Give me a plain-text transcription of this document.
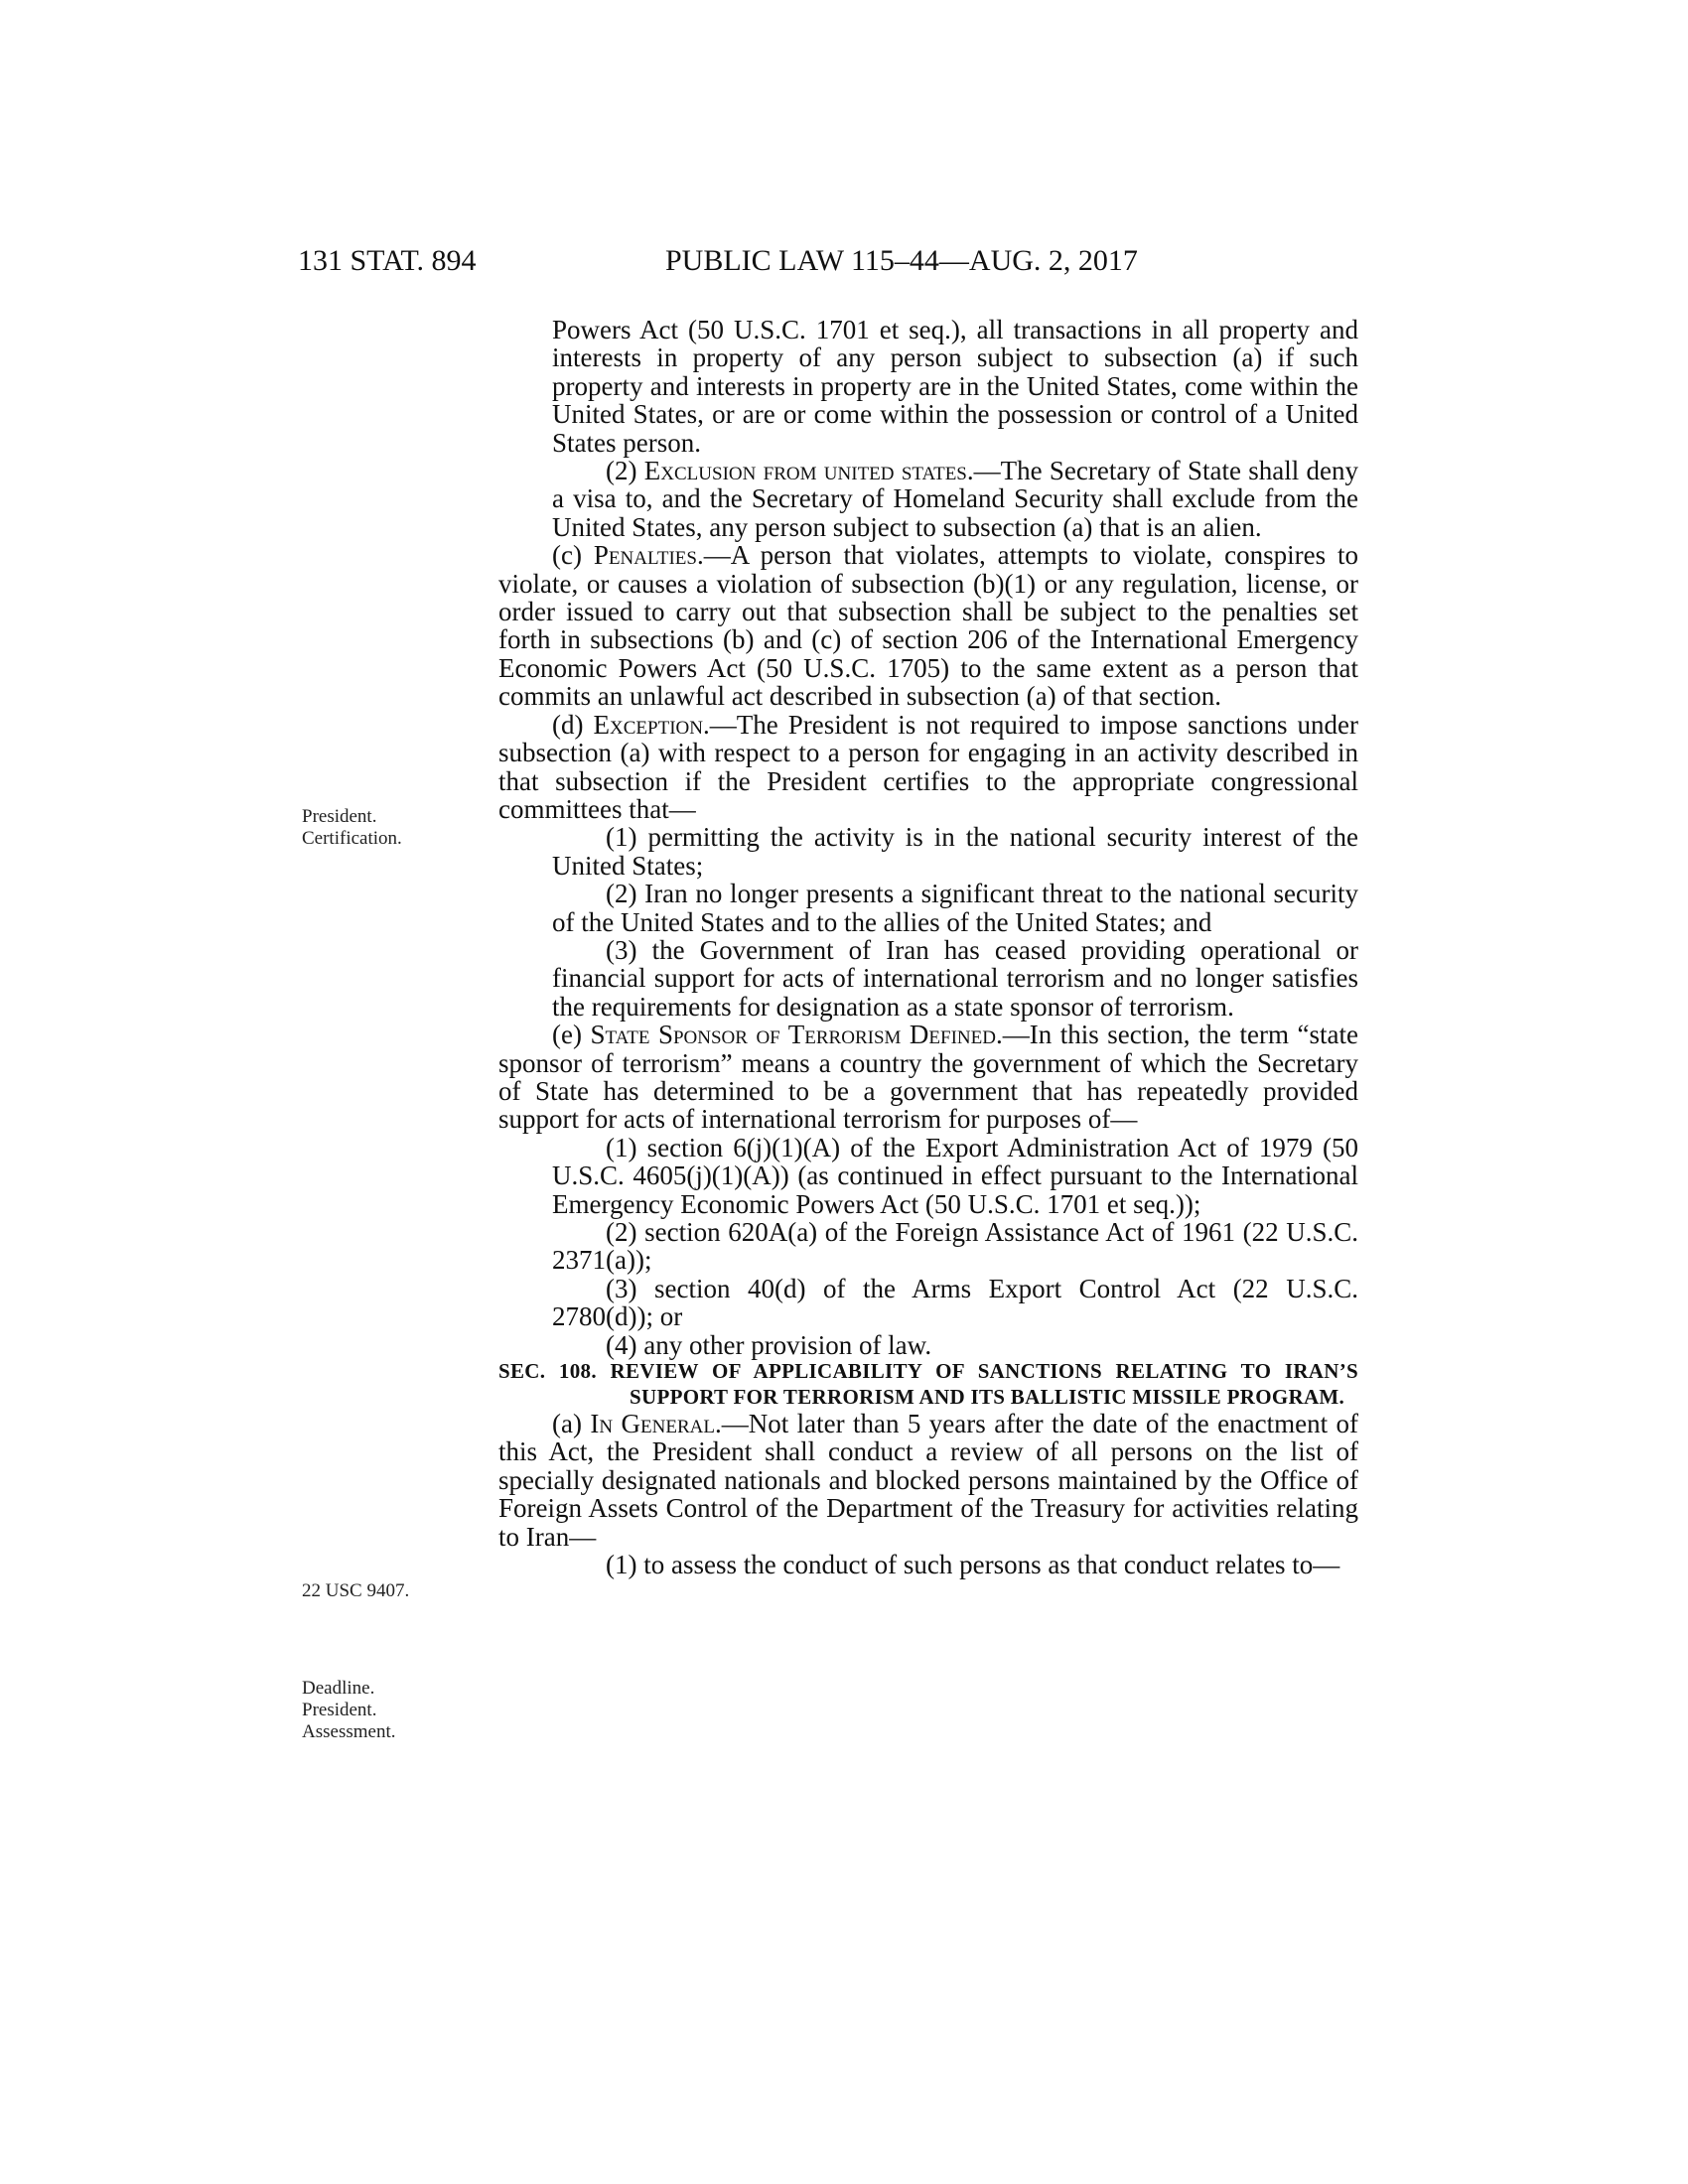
131 STAT. 894	PUBLIC LAW 115–44—AUG. 2, 2017
President.
Certification.
22 USC 9407.
Deadline.
President.
Assessment.

Powers Act (50 U.S.C. 1701 et seq.), all transactions in all property and interests in property of any person subject to subsection (a) if such property and interests in property are in the United States, come within the United States, or are or come within the possession or control of a United States person.

(2) Exclusion from united states.—The Secretary of State shall deny a visa to, and the Secretary of Homeland Security shall exclude from the United States, any person subject to subsection (a) that is an alien.

(c) Penalties.—A person that violates, attempts to violate, conspires to violate, or causes a violation of subsection (b)(1) or any regulation, license, or order issued to carry out that subsection shall be subject to the penalties set forth in subsections (b) and (c) of section 206 of the International Emergency Economic Powers Act (50 U.S.C. 1705) to the same extent as a person that commits an unlawful act described in subsection (a) of that section.

(d) Exception.—The President is not required to impose sanctions under subsection (a) with respect to a person for engaging in an activity described in that subsection if the President certifies to the appropriate congressional committees that—

(1) permitting the activity is in the national security interest of the United States;

(2) Iran no longer presents a significant threat to the national security of the United States and to the allies of the United States; and

(3) the Government of Iran has ceased providing operational or financial support for acts of international terrorism and no longer satisfies the requirements for designation as a state sponsor of terrorism.

(e) State Sponsor of Terrorism Defined.—In this section, the term “state sponsor of terrorism” means a country the government of which the Secretary of State has determined to be a government that has repeatedly provided support for acts of international terrorism for purposes of—

(1) section 6(j)(1)(A) of the Export Administration Act of 1979 (50 U.S.C. 4605(j)(1)(A)) (as continued in effect pursuant to the International Emergency Economic Powers Act (50 U.S.C. 1701 et seq.));

(2) section 620A(a) of the Foreign Assistance Act of 1961 (22 U.S.C. 2371(a));

(3) section 40(d) of the Arms Export Control Act (22 U.S.C. 2780(d)); or

(4) any other provision of law.

SEC. 108. REVIEW OF APPLICABILITY OF SANCTIONS RELATING TO IRAN’S SUPPORT FOR TERRORISM AND ITS BALLISTIC MISSILE PROGRAM.

(a) In General.—Not later than 5 years after the date of the enactment of this Act, the President shall conduct a review of all persons on the list of specially designated nationals and blocked persons maintained by the Office of Foreign Assets Control of the Department of the Treasury for activities relating to Iran—

(1) to assess the conduct of such persons as that conduct relates to—
